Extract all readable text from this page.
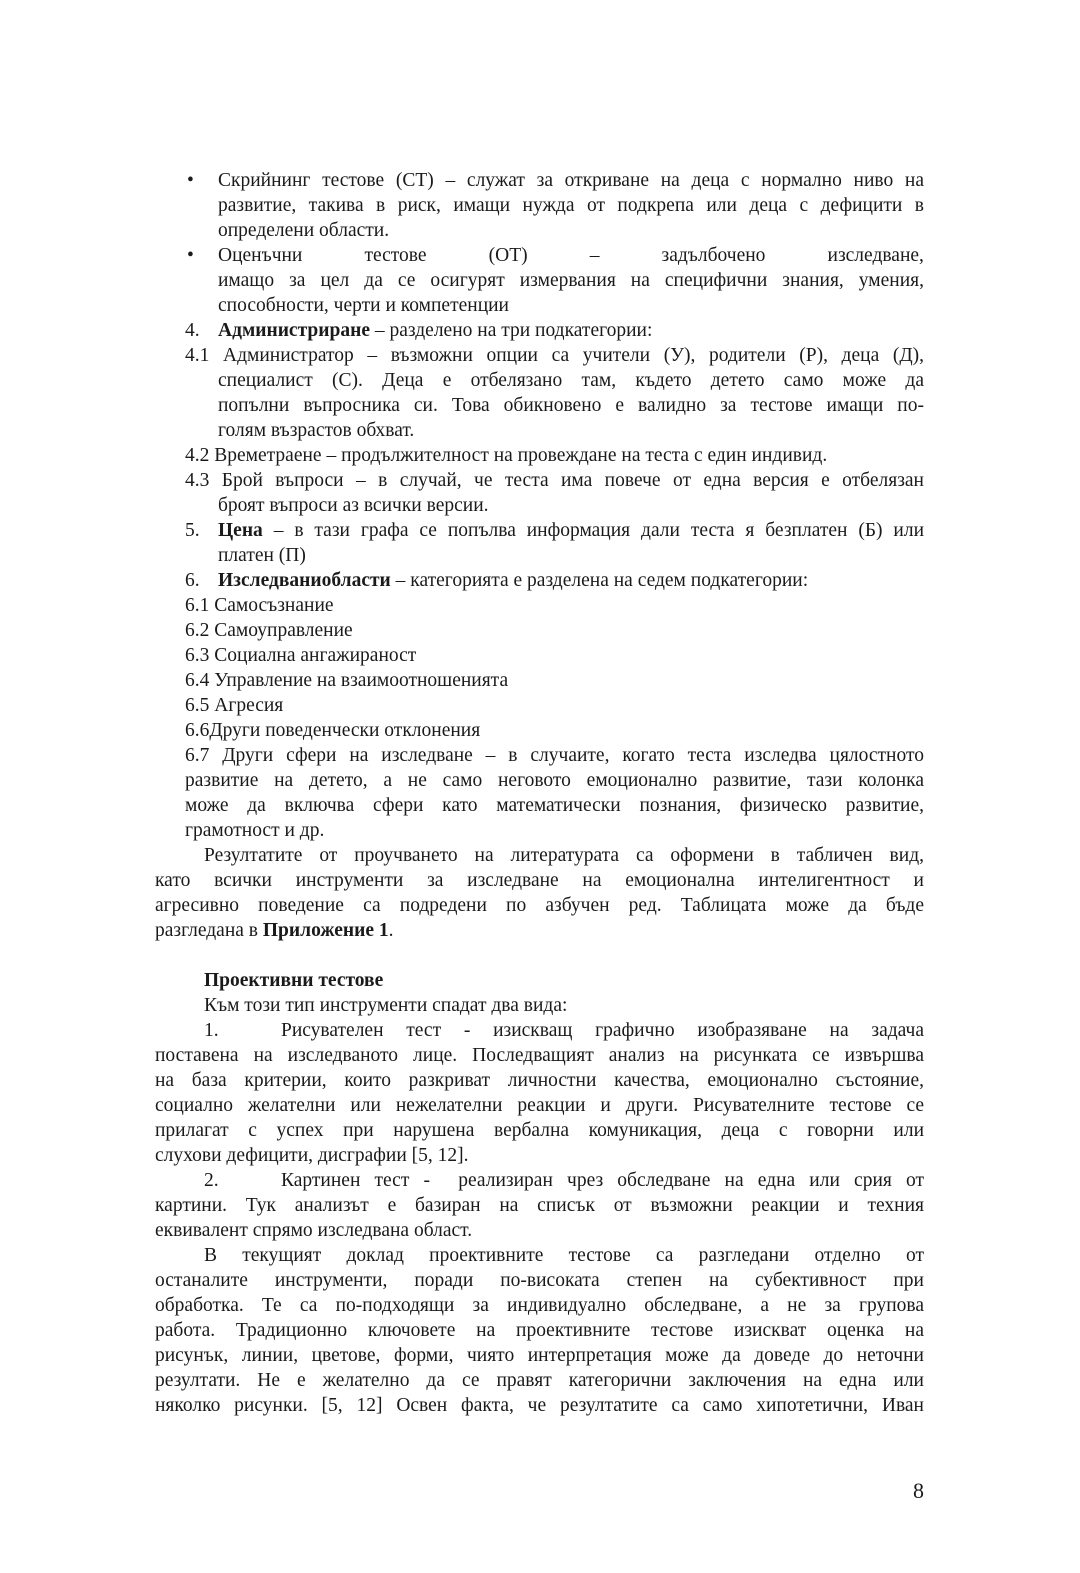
Скрийнинг тестове (СТ) – служат за откриване на деца с нормално ниво на
развитие, такива в риск, имащи нужда от подкрепа или деца с дефицити в
определени области.
•
Оценъчни	тестове	(ОТ)	–	задълбочено	изследване,
имащо за цел да се осигурят измервания на специфични знания, умения,
способности, черти и компетенции
•
4. Администриране – разделено на три подкатегории:
4.1 Администратор – възможни опции са учители (У), родители (Р), деца (Д),
специалист (С). Деца е отбелязано там, където детето само може да
попълни въпросника си. Това обикновено е валидно за тестове имащи по-
голям възрастов обхват.
4.2 Времетраене – продължителност на провеждане на теста с един индивид.
4.3 Брой въпроси – в случай, че теста има повече от една версия е отбелязан
броят въпроси аз всички версии.
5. Цена – в тази графа се попълва информация дали теста я безплатен (Б) или
платен (П)
6. Изследваниобласти – категорията е разделена на седем подкатегории:
6.1 Самосъзнание
6.2 Самоуправление
6.3 Социална ангажираност
6.4 Управление на взаимоотношенията
6.5 Агресия
6.6Други поведенчески отклонения
6.7 Други сфери на изследване – в случаите, когато теста изследва цялостното
развитие на детето, а не само неговото емоционално развитие, тази колонка
може да включва сфери като математически познания, физическо развитие,
грамотност и др.
Резултатите от проучването на литературата са оформени в табличен вид,
като всички инструменти за изследване на емоционална интелигентност и
агресивно поведение са подредени по азбучен ред. Таблицата може да бъде
разгледана в Приложение 1.
Проективни тестове
Към този тип инструменти спадат два вида:
1.	Рисувателен тест - изискващ графично изобразяване на задача
поставена на изследваното лице. Последващият анализ на рисунката се извършва
на база критерии, които разкриват личностни качества, емоционално състояние,
социално желателни или нежелателни реакции и други. Рисувателните тестове се
прилагат с успех при нарушена вербална комуникация, деца с говорни или
слухови дефицити, дисграфии [5, 12].
2.	Картинен тест -  реализиран чрез обследване на една или срия от
картини. Тук анализът е базиран на списък от възможни реакции и техния
еквивалент спрямо изследвана област.
В текущият доклад проективните тестове са разгледани отделно от
останалите инструменти, поради по-високата степен на субективност при
обработка. Те са по-подходящи за индивидуално обследване, а не за групова
работа. Традиционно ключовете на проективните тестове изискват оценка на
рисунък, линии, цветове, форми, чиято интерпретация може да доведе до неточни
резултати. Не е желателно да се правят категорични заключения на една или
няколко рисунки. [5, 12] Освен факта, че резултатите са само хипотетични, Иван
8
